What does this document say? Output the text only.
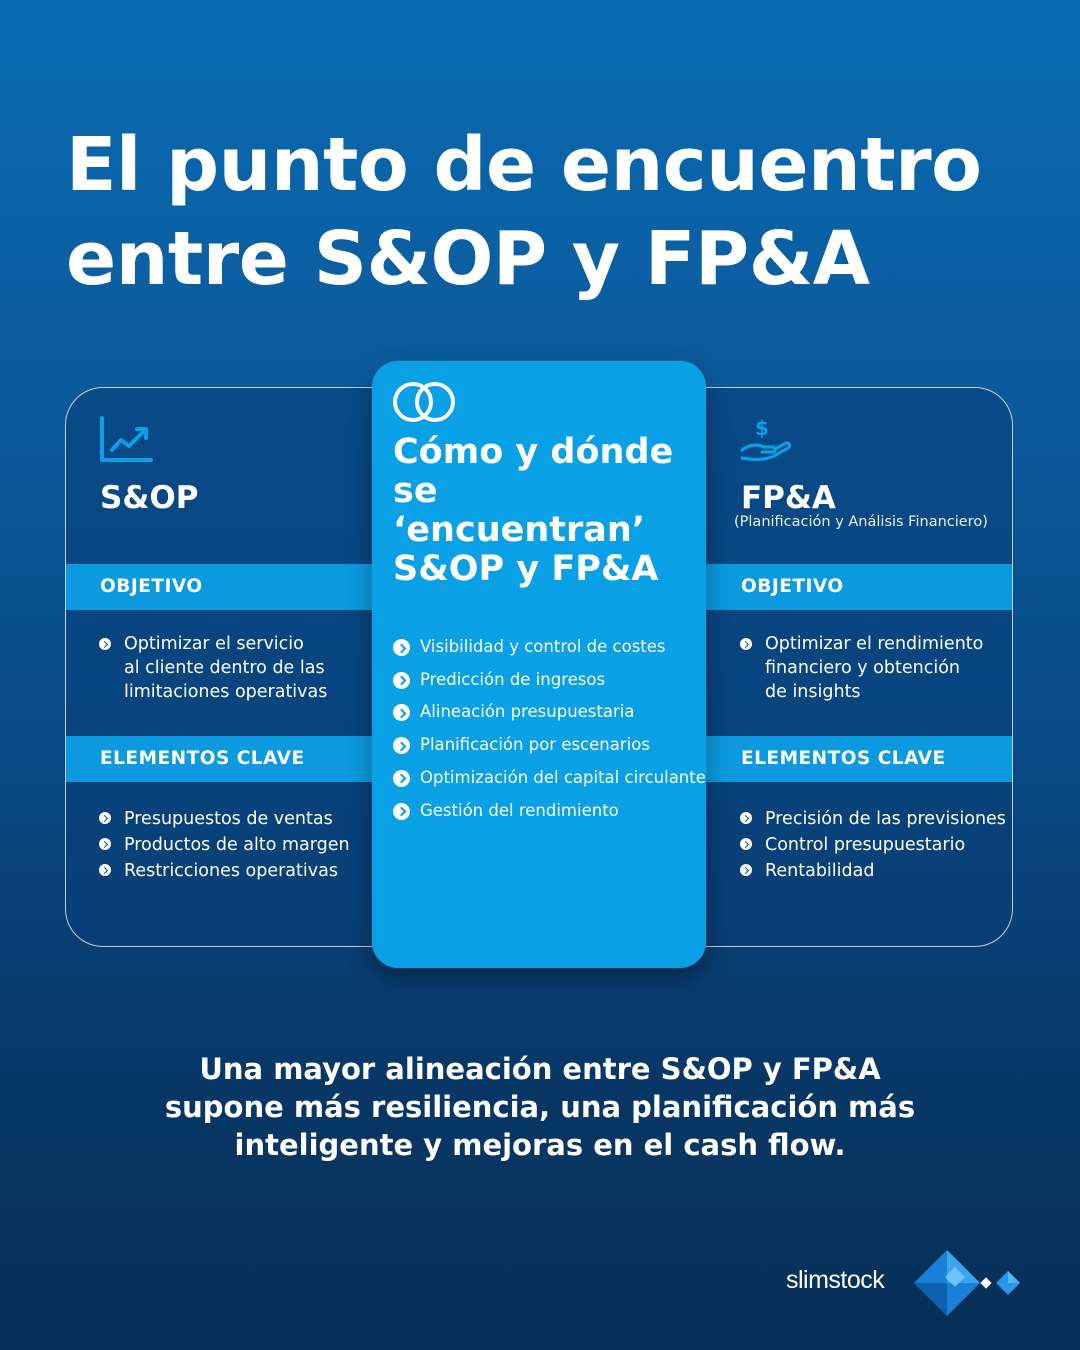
El punto de encuentro
entre S&OP y FP&A
S&OP
OBJETIVO
Optimizar el servicio
al cliente dentro de las
limitaciones operativas
ELEMENTOS CLAVE
Presupuestos de ventas
Productos de alto margen
Restricciones operativas
$
FP&A
(Planificación y Análisis Financiero)
OBJETIVO
Optimizar el rendimiento
financiero y obtención
de insights
ELEMENTOS CLAVE
Precisión de las previsiones
Control presupuestario
Rentabilidad
Cómo y dónde
se ‘encuentran’
S&OP y FP&A
Visibilidad y control de costes
Predicción de ingresos
Alineación presupuestaria
Planificación por escenarios
Optimización del capital circulante
Gestión del rendimiento

Una mayor alineación entre S&OP y FP&A
supone más resiliencia, una planificación más
inteligente y mejoras en el cash flow.

slimstock
